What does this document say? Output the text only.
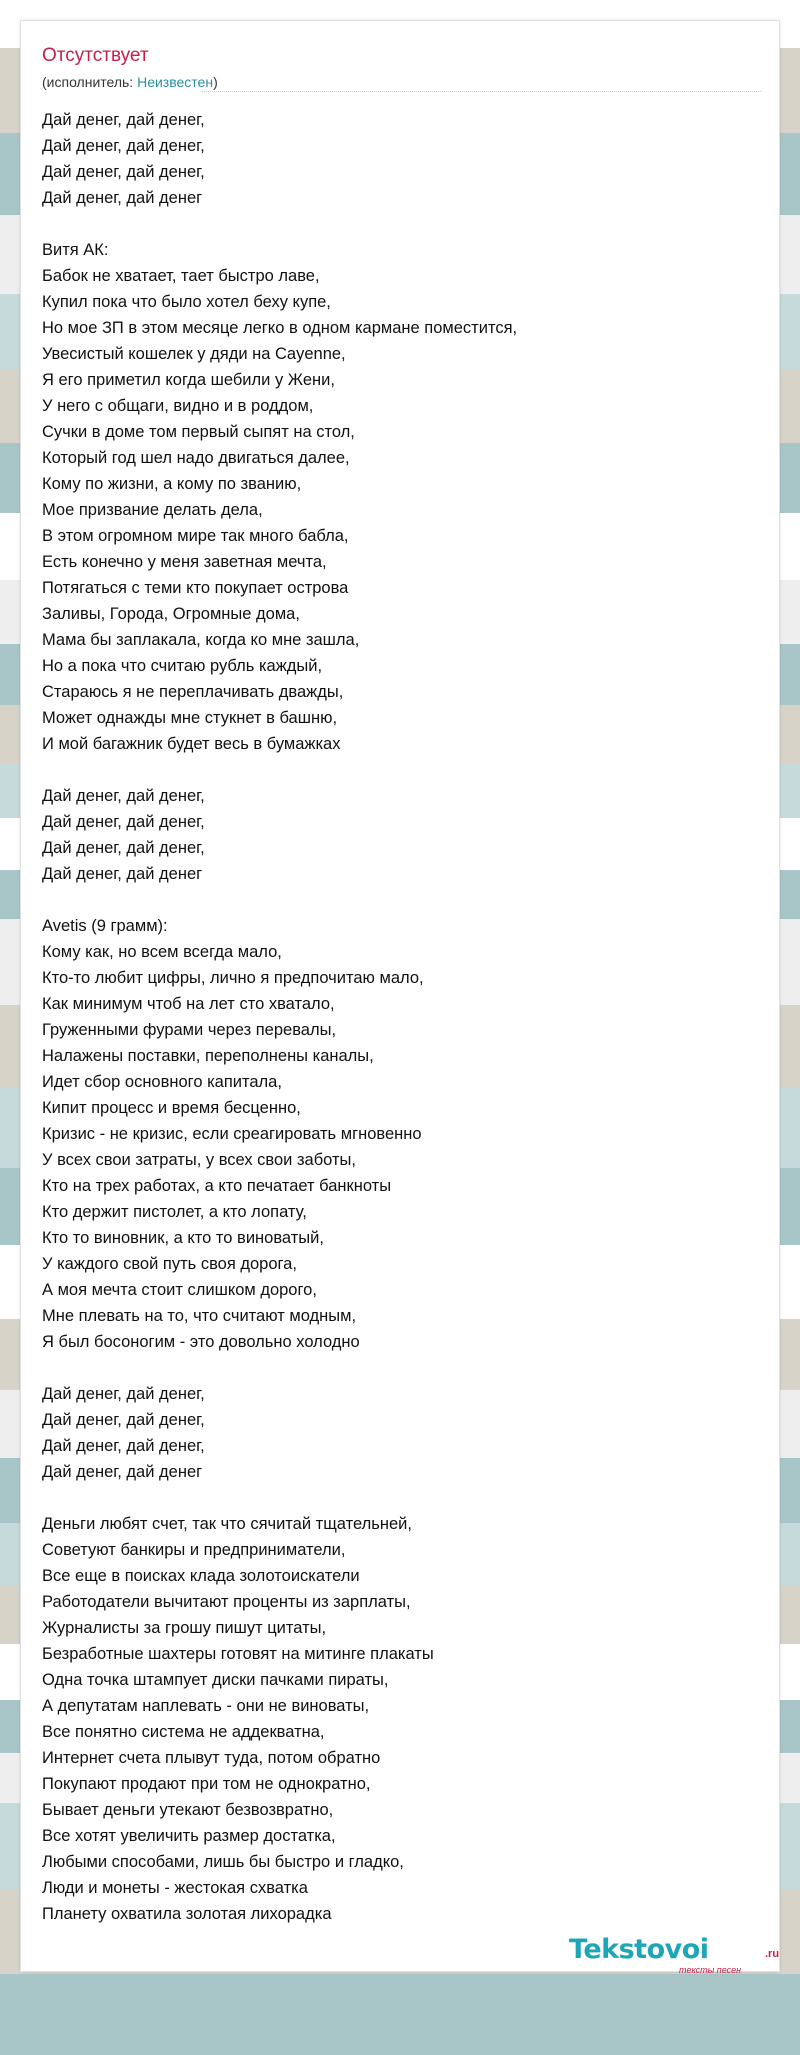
Отсутствует
(исполнитель: Неизвестен)
Дай денег, дай денег,
Дай денег, дай денег,
Дай денег, дай денег,
Дай денег, дай денег
Витя АК:
Бабок не хватает, тает быстро лаве,
Купил пока что было хотел беху купе,
Но мое ЗП в этом месяце легко в одном кармане поместится,
Увесистый кошелек у дяди на Cayenne,
Я его приметил когда шебили у Жени,
У него с общаги, видно и в роддом,
Сучки в доме том первый сыпят на стол,
Который год шел надо двигаться далее,
Кому по жизни, а кому по званию,
Мое призвание делать дела,
В этом огромном мире так много бабла,
Есть конечно у меня заветная мечта,
Потягаться с теми кто покупает острова
Заливы, Города, Огромные дома,
Мама бы заплакала, когда ко мне зашла,
Но а пока что считаю рубль каждый,
Стараюсь я не переплачивать дважды,
Может однажды мне стукнет в башню,
И мой багажник будет весь в бумажках
Дай денег, дай денег,
Дай денег, дай денег,
Дай денег, дай денег,
Дай денег, дай денег
Avetis (9 грамм):
Кому как, но всем всегда мало,
Кто-то любит цифры, лично я предпочитаю мало,
Как минимум чтоб на лет сто хватало,
Груженными фурами через перевалы,
Налажены поставки, переполнены каналы,
Идет сбор основного капитала,
Кипит процесс и время бесценно,
Кризис - не кризис, если среагировать мгновенно
У всех свои затраты, у всех свои заботы,
Кто на трех работах, а кто печатает банкноты
Кто держит пистолет, а кто лопату,
Кто то виновник, а кто то виноватый,
У каждого свой путь своя дорога,
А моя мечта стоит слишком дорого,
Мне плевать на то, что считают модным,
Я был босоногим - это довольно холодно
Дай денег, дай денег,
Дай денег, дай денег,
Дай денег, дай денег,
Дай денег, дай денег
Деньги любят счет, так что сячитай тщательней,
Советуют банкиры и предприниматели,
Все еще в поисках клада золотоискатели
Работодатели вычитают проценты из зарплаты,
Журналисты за грошу пишут цитаты,
Безработные шахтеры готовят на митинге плакаты
Одна точка штампует диски пачками пираты,
А депутатам наплевать - они не виноваты,
Все понятно система не аддекватна,
Интернет счета плывут туда, потом обратно
Покупают продают при том не однократно,
Бывает деньги утекают безвозвратно,
Все хотят увеличить размер достатка,
Любыми способами, лишь бы быстро и гладко,
Люди и монеты - жестокая схватка
Планету охватила золотая лихорадка
Tekstovoi	.ru
тексты песен
